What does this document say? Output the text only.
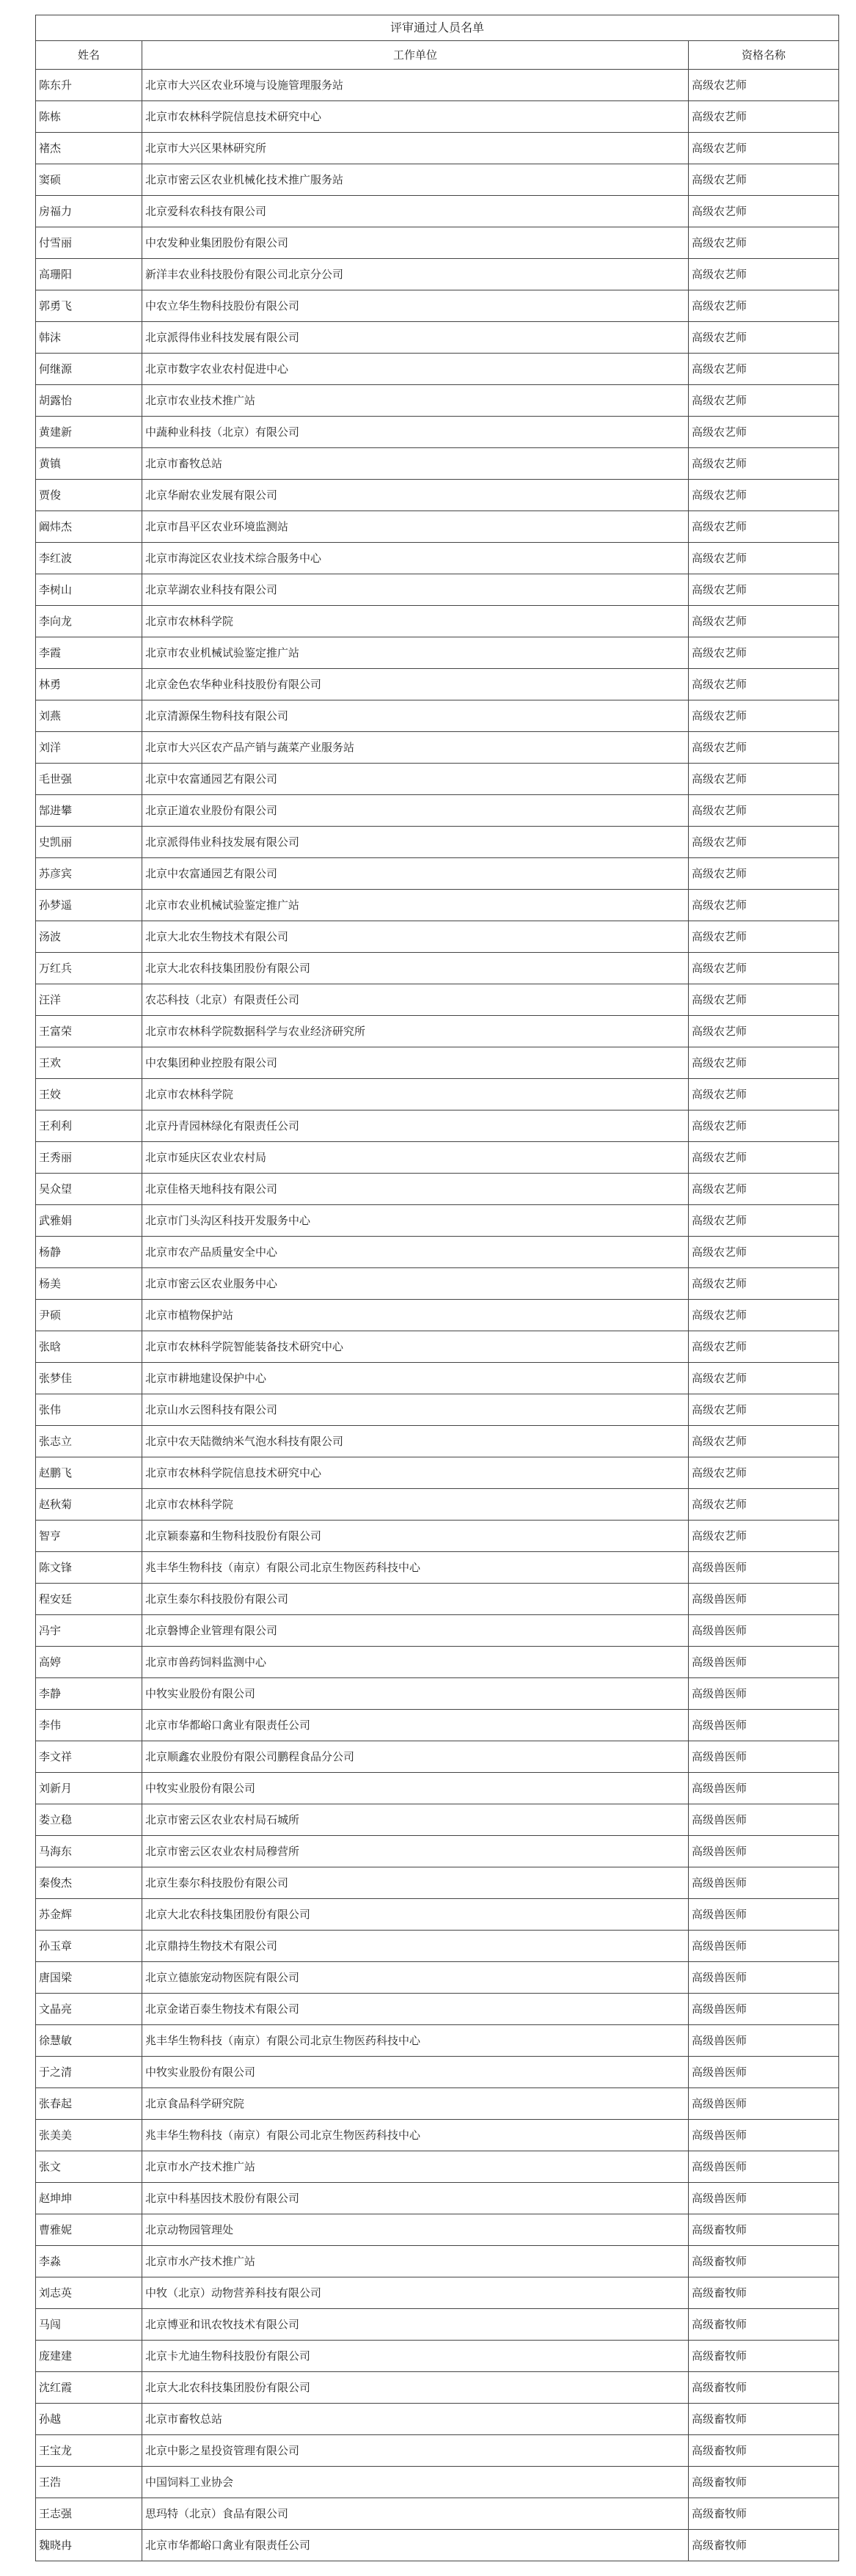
评审通过人员名单		
姓名	工作单位	资格名称
陈东升	北京市大兴区农业环境与设施管理服务站	高级农艺师
陈栋	北京市农林科学院信息技术研究中心	高级农艺师
褚杰	北京市大兴区果林研究所	高级农艺师
窦硕	北京市密云区农业机械化技术推广服务站	高级农艺师
房福力	北京爱科农科技有限公司	高级农艺师
付雪丽	中农发种业集团股份有限公司	高级农艺师
高珊阳	新洋丰农业科技股份有限公司北京分公司	高级农艺师
郭勇飞	中农立华生物科技股份有限公司	高级农艺师
韩沫	北京派得伟业科技发展有限公司	高级农艺师
何继源	北京市数字农业农村促进中心	高级农艺师
胡露怡	北京市农业技术推广站	高级农艺师
黄建新	中蔬种业科技（北京）有限公司	高级农艺师
黄镇	北京市畜牧总站	高级农艺师
贾俊	北京华耐农业发展有限公司	高级农艺师
阚炜杰	北京市昌平区农业环境监测站	高级农艺师
李红波	北京市海淀区农业技术综合服务中心	高级农艺师
李树山	北京苹湖农业科技有限公司	高级农艺师
李向龙	北京市农林科学院	高级农艺师
李霞	北京市农业机械试验鉴定推广站	高级农艺师
林勇	北京金色农华种业科技股份有限公司	高级农艺师
刘燕	北京清源保生物科技有限公司	高级农艺师
刘洋	北京市大兴区农产品产销与蔬菜产业服务站	高级农艺师
毛世强	北京中农富通园艺有限公司	高级农艺师
郜进攀	北京正道农业股份有限公司	高级农艺师
史凯丽	北京派得伟业科技发展有限公司	高级农艺师
苏彦宾	北京中农富通园艺有限公司	高级农艺师
孙梦遥	北京市农业机械试验鉴定推广站	高级农艺师
汤波	北京大北农生物技术有限公司	高级农艺师
万红兵	北京大北农科技集团股份有限公司	高级农艺师
汪洋	农芯科技（北京）有限责任公司	高级农艺师
王富荣	北京市农林科学院数据科学与农业经济研究所	高级农艺师
王欢	中农集团种业控股有限公司	高级农艺师
王姣	北京市农林科学院	高级农艺师
王利利	北京丹青园林绿化有限责任公司	高级农艺师
王秀丽	北京市延庆区农业农村局	高级农艺师
吴众望	北京佳格天地科技有限公司	高级农艺师
武雅娟	北京市门头沟区科技开发服务中心	高级农艺师
杨静	北京市农产品质量安全中心	高级农艺师
杨美	北京市密云区农业服务中心	高级农艺师
尹硕	北京市植物保护站	高级农艺师
张晗	北京市农林科学院智能装备技术研究中心	高级农艺师
张梦佳	北京市耕地建设保护中心	高级农艺师
张伟	北京山水云图科技有限公司	高级农艺师
张志立	北京中农天陆微纳米气泡水科技有限公司	高级农艺师
赵鹏飞	北京市农林科学院信息技术研究中心	高级农艺师
赵秋菊	北京市农林科学院	高级农艺师
智亨	北京颖泰嘉和生物科技股份有限公司	高级农艺师
陈文锋	兆丰华生物科技（南京）有限公司北京生物医药科技中心	高级兽医师
程安廷	北京生泰尔科技股份有限公司	高级兽医师
冯宇	北京磐博企业管理有限公司	高级兽医师
高婷	北京市兽药饲料监测中心	高级兽医师
李静	中牧实业股份有限公司	高级兽医师
李伟	北京市华都峪口禽业有限责任公司	高级兽医师
李文祥	北京顺鑫农业股份有限公司鹏程食品分公司	高级兽医师
刘新月	中牧实业股份有限公司	高级兽医师
娄立稳	北京市密云区农业农村局石城所	高级兽医师
马海东	北京市密云区农业农村局穆营所	高级兽医师
秦俊杰	北京生泰尔科技股份有限公司	高级兽医师
苏金辉	北京大北农科技集团股份有限公司	高级兽医师
孙玉章	北京鼎持生物技术有限公司	高级兽医师
唐国梁	北京立德旅宠动物医院有限公司	高级兽医师
文晶亮	北京金诺百泰生物技术有限公司	高级兽医师
徐慧敏	兆丰华生物科技（南京）有限公司北京生物医药科技中心	高级兽医师
于之清	中牧实业股份有限公司	高级兽医师
张春起	北京食品科学研究院	高级兽医师
张美美	兆丰华生物科技（南京）有限公司北京生物医药科技中心	高级兽医师
张文	北京市水产技术推广站	高级兽医师
赵坤坤	北京中科基因技术股份有限公司	高级兽医师
曹雅妮	北京动物园管理处	高级畜牧师
李淼	北京市水产技术推广站	高级畜牧师
刘志英	中牧（北京）动物营养科技有限公司	高级畜牧师
马闯	北京博亚和讯农牧技术有限公司	高级畜牧师
庞建建	北京卡尤迪生物科技股份有限公司	高级畜牧师
沈红霞	北京大北农科技集团股份有限公司	高级畜牧师
孙越	北京市畜牧总站	高级畜牧师
王宝龙	北京中影之星投资管理有限公司	高级畜牧师
王浩	中国饲料工业协会	高级畜牧师
王志强	思玛特（北京）食品有限公司	高级畜牧师
魏晓冉	北京市华都峪口禽业有限责任公司	高级畜牧师
